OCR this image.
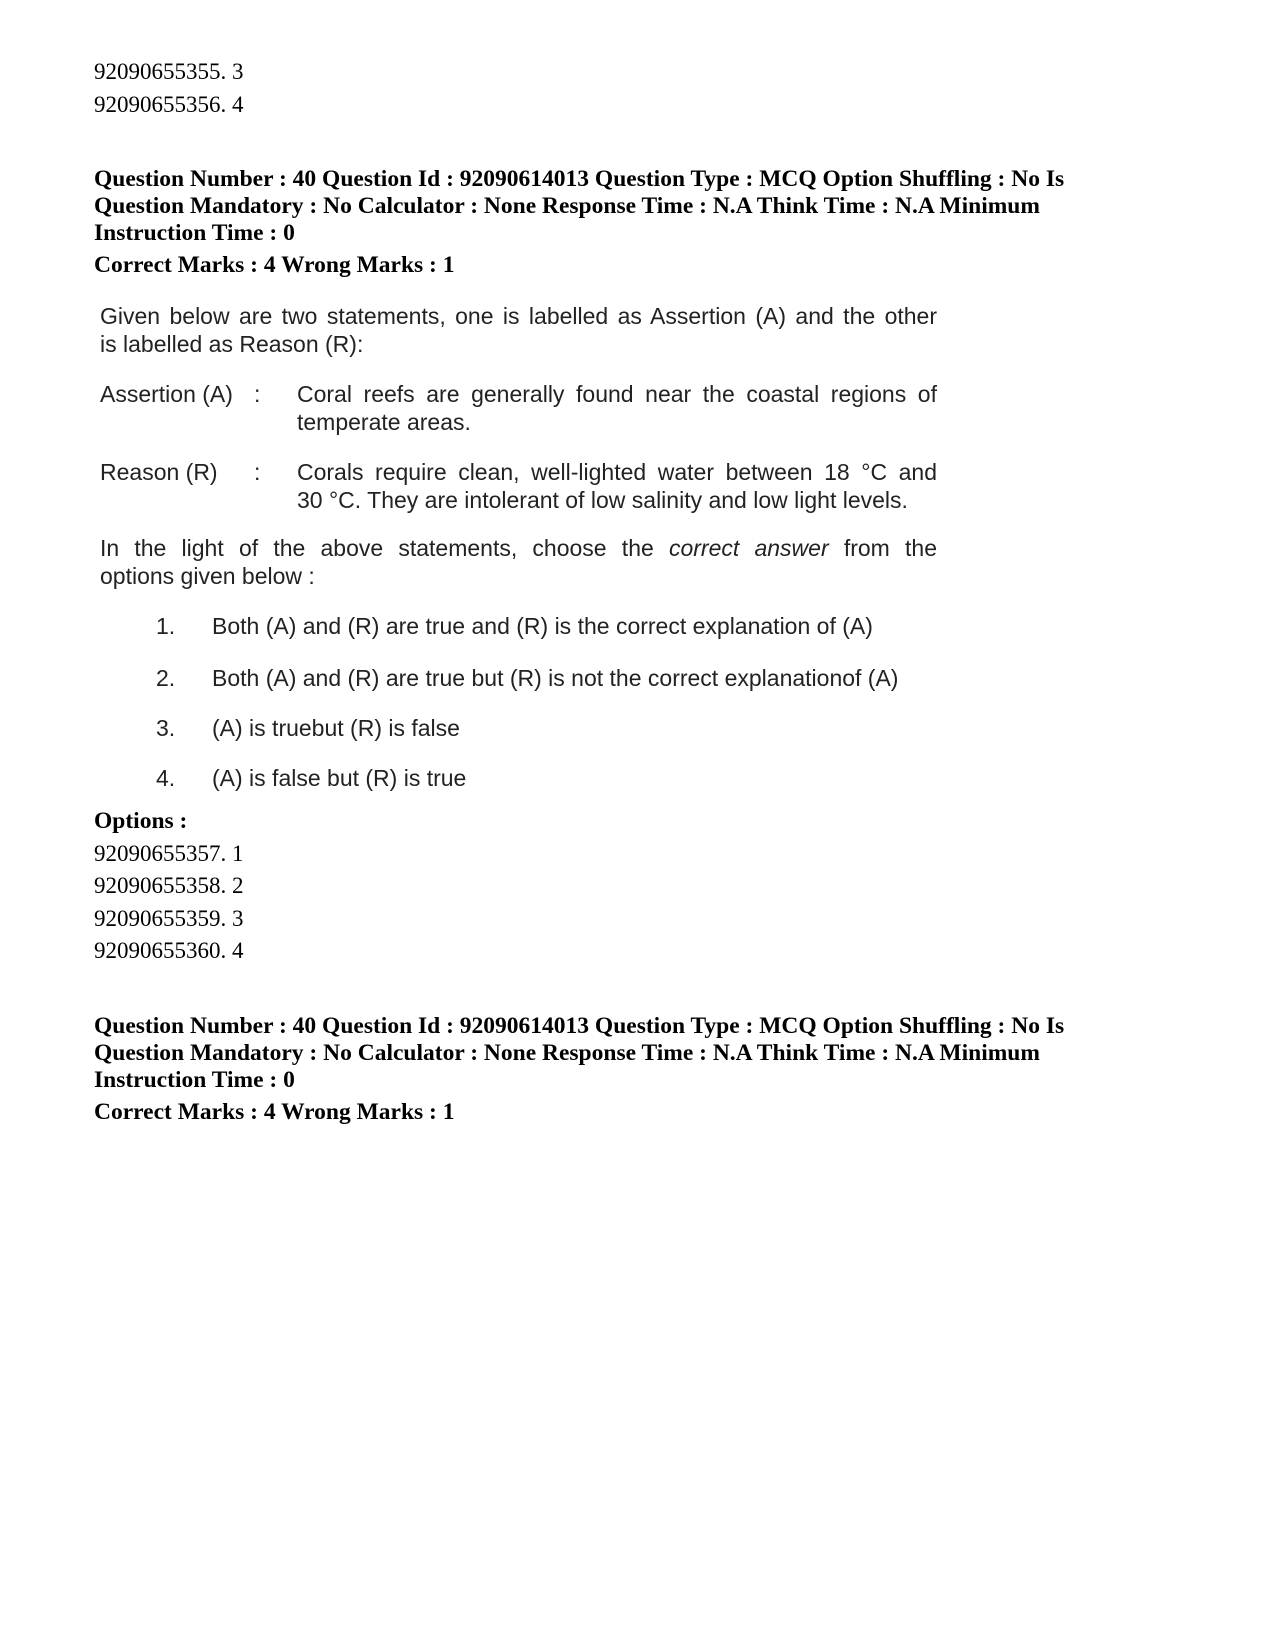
92090655355. 3
92090655356. 4
Question Number : 40 Question Id : 92090614013 Question Type : MCQ Option Shuffling : No Is
Question Mandatory : No Calculator : None Response Time : N.A Think Time : N.A Minimum
Instruction Time : 0
Correct Marks : 4 Wrong Marks : 1
Given below are two statements, one is labelled as Assertion (A) and the other
is labelled as Reason (R):
Assertion (A) : Coral reefs are generally found near the coastal regions of
temperate areas.
Reason (R) : Corals require clean, well-lighted water between 18 °C and
30 °C. They are intolerant of low salinity and low light levels.
In the light of the above statements, choose the correct answer from the
options given below :
1. Both (A) and (R) are true and (R) is the correct explanation of (A)
2. Both (A) and (R) are true but (R) is not the correct explanationof (A)
3. (A) is truebut (R) is false
4. (A) is false but (R) is true
Options :
92090655357. 1
92090655358. 2
92090655359. 3
92090655360. 4
Question Number : 40 Question Id : 92090614013 Question Type : MCQ Option Shuffling : No Is
Question Mandatory : No Calculator : None Response Time : N.A Think Time : N.A Minimum
Instruction Time : 0
Correct Marks : 4 Wrong Marks : 1
